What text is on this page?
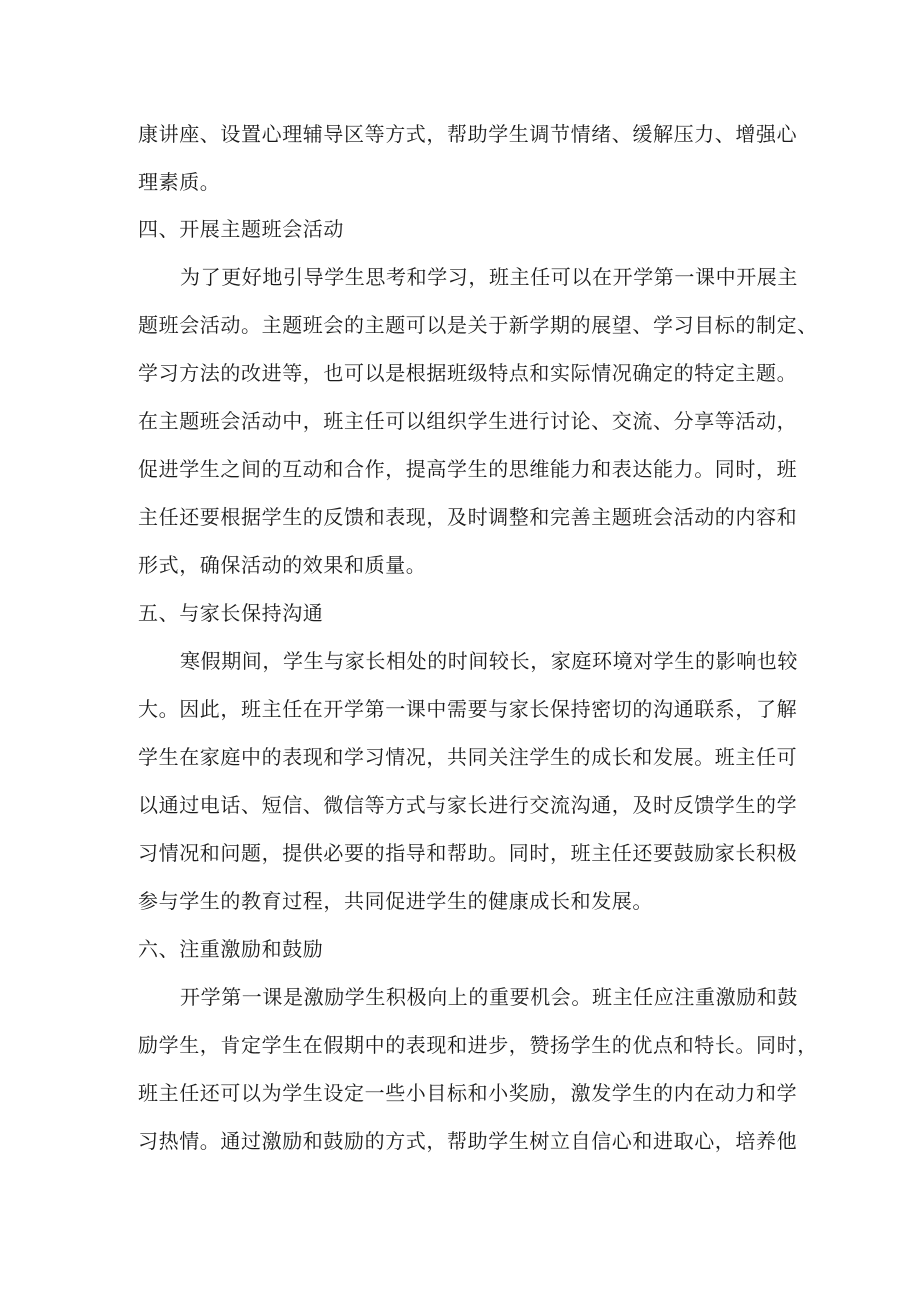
康讲座、设置心理辅导区等方式，帮助学生调节情绪、缓解压力、增强心
理素质。
四、开展主题班会活动
为了更好地引导学生思考和学习，班主任可以在开学第一课中开展主
题班会活动。主题班会的主题可以是关于新学期的展望、学习目标的制定、
学习方法的改进等，也可以是根据班级特点和实际情况确定的特定主题。
在主题班会活动中，班主任可以组织学生进行讨论、交流、分享等活动，
促进学生之间的互动和合作，提高学生的思维能力和表达能力。同时，班
主任还要根据学生的反馈和表现，及时调整和完善主题班会活动的内容和
形式，确保活动的效果和质量。
五、与家长保持沟通
寒假期间，学生与家长相处的时间较长，家庭环境对学生的影响也较
大。因此，班主任在开学第一课中需要与家长保持密切的沟通联系，了解
学生在家庭中的表现和学习情况，共同关注学生的成长和发展。班主任可
以通过电话、短信、微信等方式与家长进行交流沟通，及时反馈学生的学
习情况和问题，提供必要的指导和帮助。同时，班主任还要鼓励家长积极
参与学生的教育过程，共同促进学生的健康成长和发展。
六、注重激励和鼓励
开学第一课是激励学生积极向上的重要机会。班主任应注重激励和鼓
励学生，肯定学生在假期中的表现和进步，赞扬学生的优点和特长。同时，
班主任还可以为学生设定一些小目标和小奖励，激发学生的内在动力和学
习热情。通过激励和鼓励的方式，帮助学生树立自信心和进取心，培养他
